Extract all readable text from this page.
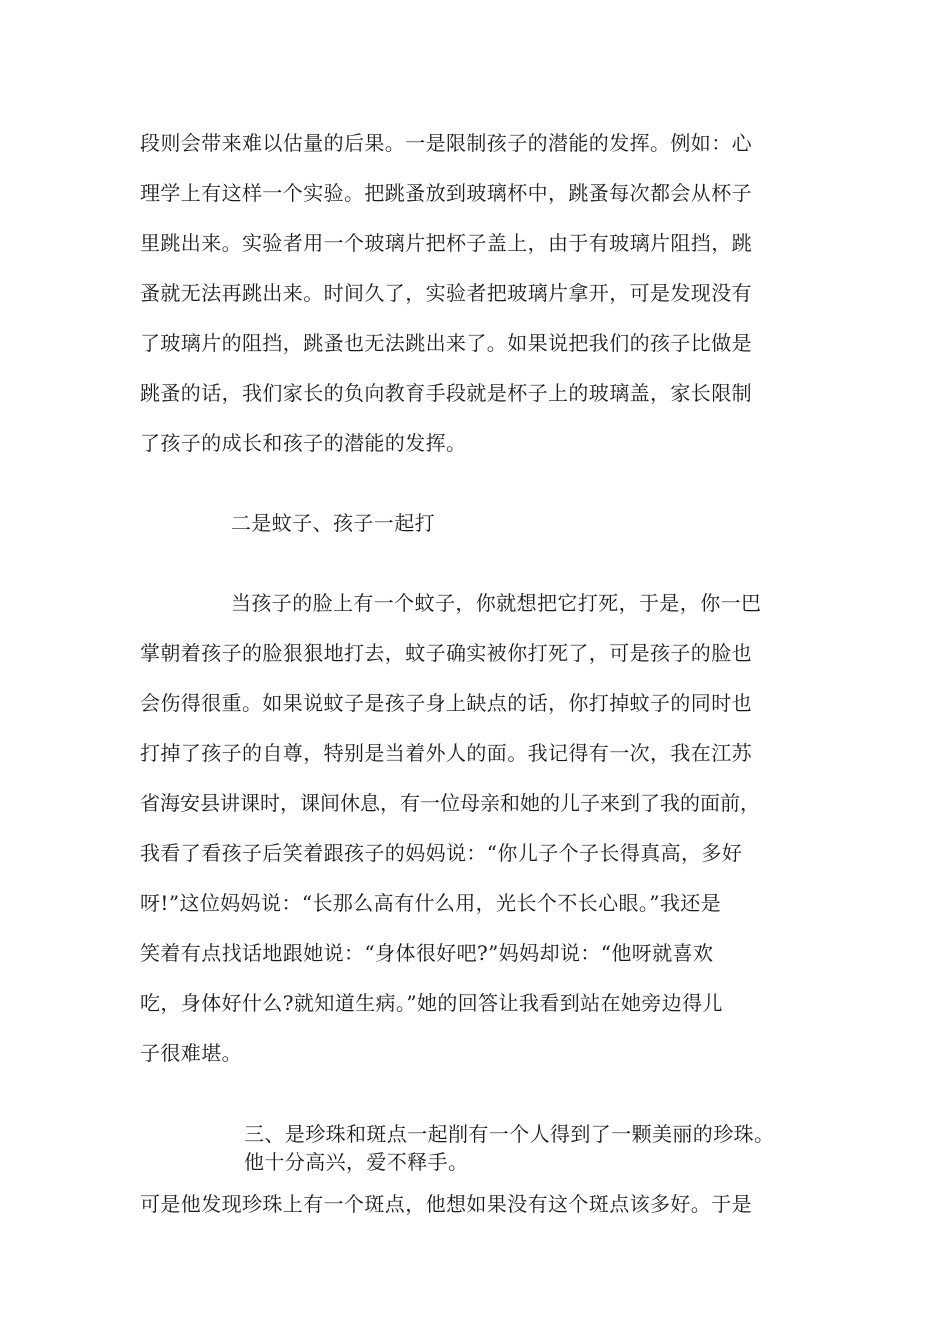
段则会带来难以估量的后果。一是限制孩子的潜能的发挥。例如：心
理学上有这样一个实验。把跳蚤放到玻璃杯中，跳蚤每次都会从杯子
里跳出来。实验者用一个玻璃片把杯子盖上，由于有玻璃片阻挡，跳
蚤就无法再跳出来。时间久了，实验者把玻璃片拿开，可是发现没有
了玻璃片的阻挡，跳蚤也无法跳出来了。如果说把我们的孩子比做是
跳蚤的话，我们家长的负向教育手段就是杯子上的玻璃盖，家长限制
了孩子的成长和孩子的潜能的发挥。
二是蚊子、孩子一起打
当孩子的脸上有一个蚊子，你就想把它打死，于是，你一巴
掌朝着孩子的脸狠狠地打去，蚊子确实被你打死了，可是孩子的脸也
会伤得很重。如果说蚊子是孩子身上缺点的话，你打掉蚊子的同时也
打掉了孩子的自尊，特别是当着外人的面。我记得有一次，我在江苏
省海安县讲课时，课间休息，有一位母亲和她的儿子来到了我的面前，
我看了看孩子后笑着跟孩子的妈妈说：“你儿子个子长得真高，多好
呀!”这位妈妈说：“长那么高有什么用，光长个不长心眼。”我还是
笑着有点找话地跟她说：“身体很好吧?”妈妈却说：“他呀就喜欢
吃，身体好什么?就知道生病。”她的回答让我看到站在她旁边得儿
子很难堪。
三、是珍珠和斑点一起削有一个人得到了一颗美丽的珍珠。
他十分高兴，爱不释手。
可是他发现珍珠上有一个斑点，他想如果没有这个斑点该多好。于是
